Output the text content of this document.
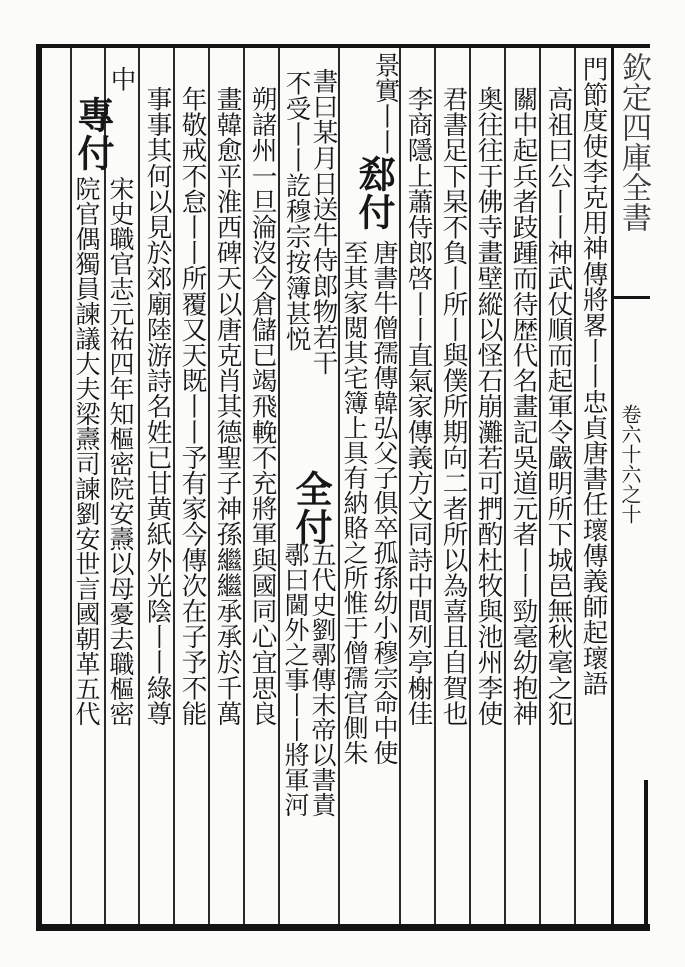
欽定四庫全書
卷六十六之十
門節度使李克用神傳將畧丨丨忠貞唐書任瓌傳義師起瓌語
高祖曰公丨丨神武仗順而起軍令嚴明所下城邑無秋毫之犯
關中起兵者跂踵而待歴代名畫記吳道元者丨丨勁毫幼抱神
奥往往于佛寺畫壁縱以怪石崩灘若可捫酌杜牧與池州李使
君書足下杲不負丨所丨與僕所期向二者所以為喜且自賀也
李商隱上蕭侍郎啓丨丨直氣家傳義方文同詩中間列亭榭佳
景實丨丨
郄付
唐書牛僧孺傳韓弘父子俱卒孤孫幼小穆宗命中使
至其家閲其宅簿上具有納賂之所惟于僧孺官側朱
書曰某月日送牛侍郎物若干
不受丨丨訖穆宗按簿甚悦
全付
五代史劉鄩傳末帝以書責
鄩曰閫外之事丨丨將軍河
朔諸州一旦淪沒今倉儲已竭飛輓不充將軍與國同心宜思良
畫韓愈平淮西碑天以唐克肖其德聖子神孫繼繼承承於千萬
年敬戒不怠丨丨所覆又天既丨丨予有家今傳次在子予不能
事事其何以見於郊廟陸游詩名姓已甘黄紙外光陰丨丨綠尊
中
專付
宋史職官志元祐四年知樞密院安燾以母憂去職樞密
院官偶獨員諫議大夫梁燾司諫劉安世言國朝革五代
